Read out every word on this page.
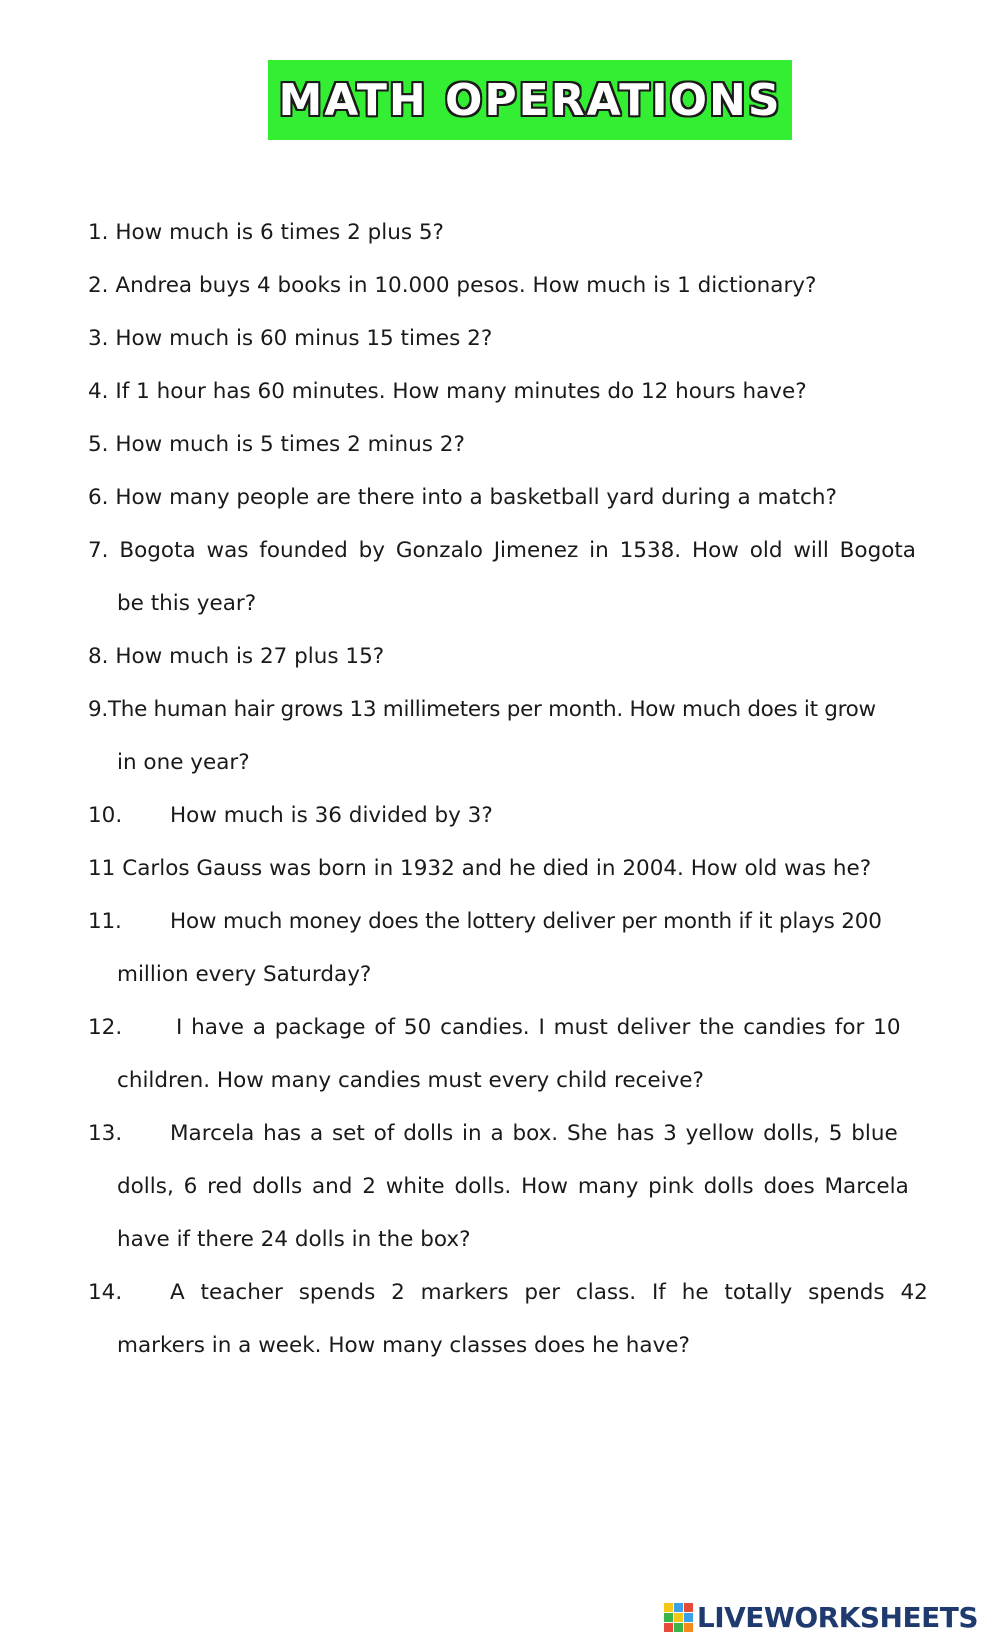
MATH OPERATIONS
1. How much is 6 times 2 plus 5?
2. Andrea buys 4 books in 10.000 pesos. How much is 1 dictionary?
3. How much is 60 minus 15 times 2?
4. If 1 hour has 60 minutes. How many minutes do 12 hours have?
5. How much is 5 times 2 minus 2?
6. How many people are there into a basketball yard during a match?
7. Bogota was founded by Gonzalo Jimenez in 1538. How old will Bogota
be this year?
8. How much is 27 plus 15?
9.The human hair grows 13 millimeters per month. How much does it grow
in one year?
10. How much is 36 divided by 3?
11 Carlos Gauss was born in 1932 and he died in 2004. How old was he?
11. How much money does the lottery deliver per month if it plays 200
million every Saturday?
12.	I have a package of 50 candies. I must deliver the candies for 10
children. How many candies must every child receive?
13. Marcela has a set of dolls in a box. She has 3 yellow dolls, 5 blue
dolls, 6 red dolls and 2 white dolls. How many pink dolls does Marcela
have if there 24 dolls in the box?
14. A teacher spends 2 markers per class. If he totally spends 42
markers in a week. How many classes does he have?
LIVEWORKSHEETS
